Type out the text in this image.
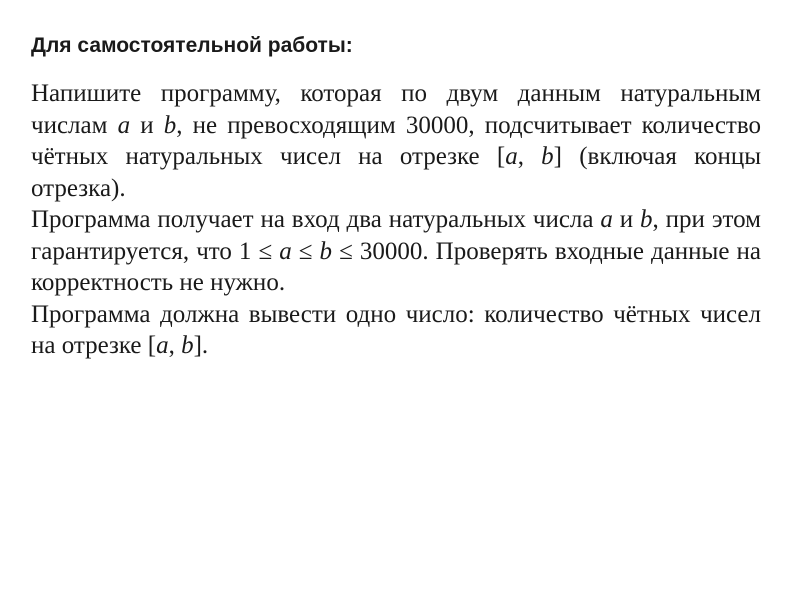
Для самостоятельной работы:

Напишите программу, которая по двум данным натуральным числам a и b, не превосходящим 30000, подсчитывает количество чётных натуральных чисел на отрезке [a, b] (включая концы отрезка).

Программа получает на вход два натуральных числа a и b, при этом гарантируется, что 1 ≤ a ≤ b ≤ 30000. Проверять входные данные на корректность не нужно.

Программа должна вывести одно число: количество чётных чисел на отрезке [a, b].
